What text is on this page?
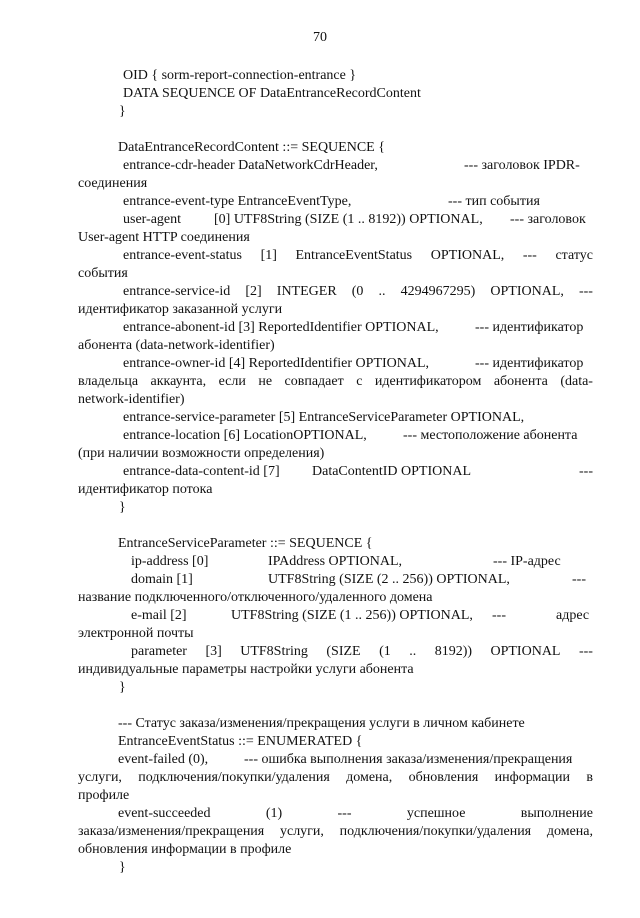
70
OID { sorm-report-connection-entrance }
DATA SEQUENCE OF DataEntranceRecordContent
}
DataEntranceRecordContent ::= SEQUENCE {
entrance-cdr-header DataNetworkCdrHeader,	--- заголовок IPDR-
соединения
entrance-event-type EntranceEventType,	--- тип события
user-agent [0] UTF8String (SIZE (1 .. 8192)) OPTIONAL, --- заголовок
User-agent HTTP соединения
entrance-event-status [1] EntranceEventStatus OPTIONAL, --- статус
события
entrance-service-id [2] INTEGER (0 .. 4294967295) OPTIONAL, ---
идентификатор заказанной услуги
entrance-abonent-id [3] ReportedIdentifier OPTIONAL,	--- идентификатор
абонента (data-network-identifier)
entrance-owner-id [4] ReportedIdentifier OPTIONAL,	--- идентификатор
владельца аккаунта, если не совпадает с идентификатором абонента (data-
network-identifier)
entrance-service-parameter [5] EntranceServiceParameter OPTIONAL,
entrance-location [6] LocationOPTIONAL,	--- местоположение абонента
(при наличии возможности определения)
entrance-data-content-id [7] DataContentID OPTIONAL	---
идентификатор потока
}
EntranceServiceParameter ::= SEQUENCE {
ip-address [0]	IPAddress OPTIONAL,	--- IP-адрес
domain [1]	UTF8String (SIZE (2 .. 256)) OPTIONAL,	---
название подключенного/отключенного/удаленного домена
e-mail [2]	UTF8String (SIZE (1 .. 256)) OPTIONAL, ---	адрес
электронной почты
parameter [3] UTF8String (SIZE (1 .. 8192)) OPTIONAL ---
индивидуальные параметры настройки услуги абонента
}
--- Статус заказа/изменения/прекращения услуги в личном кабинете
EntranceEventStatus ::= ENUMERATED {
event-failed (0),	--- ошибка выполнения заказа/изменения/прекращения
услуги, подключения/покупки/удаления домена, обновления информации в
профиле
event-succeeded	(1)	---	успешное	выполнение
заказа/изменения/прекращения услуги, подключения/покупки/удаления домена,
обновления информации в профиле
}
